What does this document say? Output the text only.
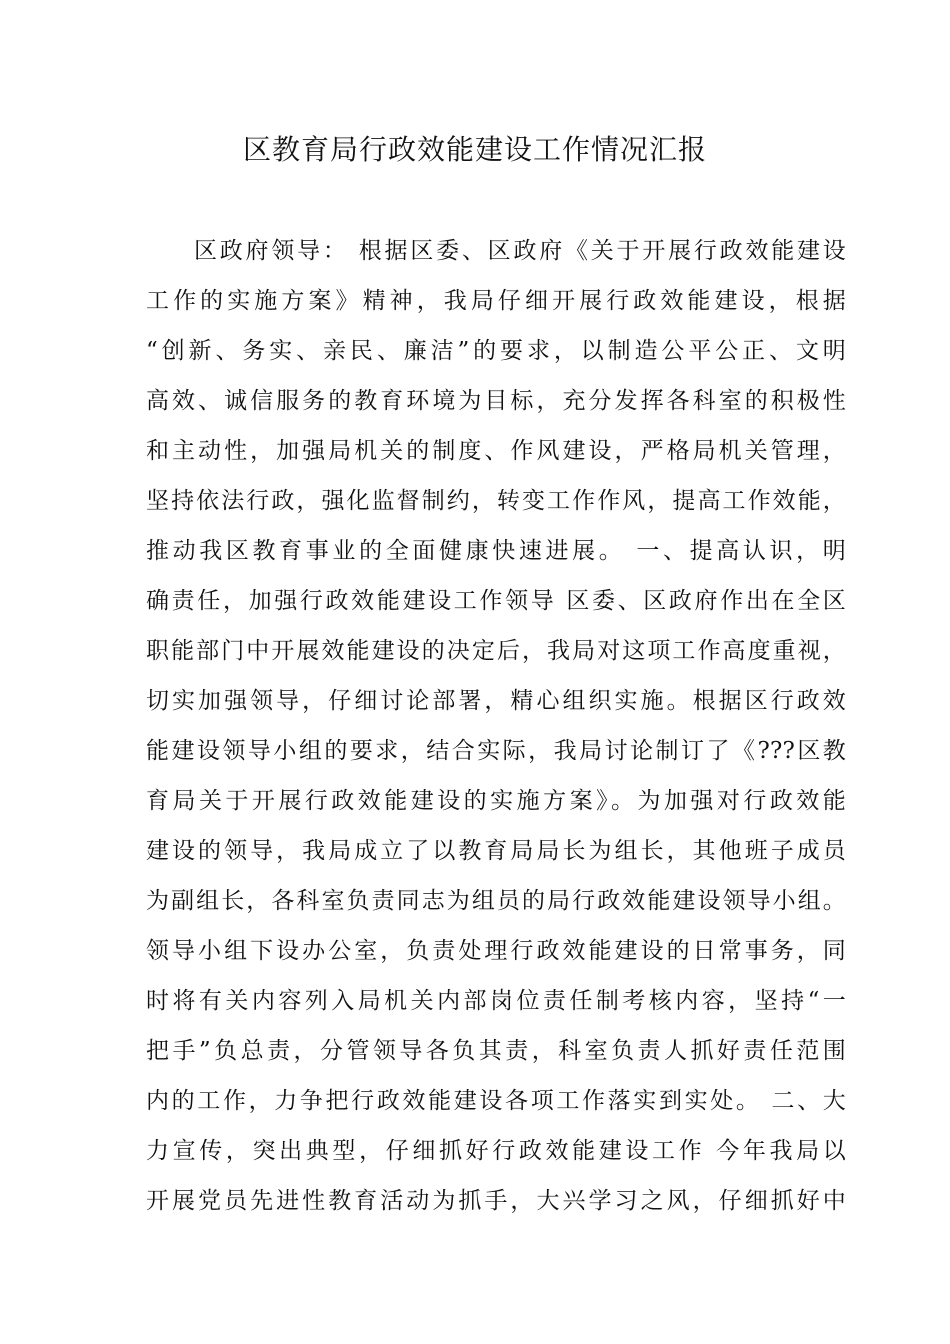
区教育局行政效能建设工作情况汇报
区政府领导： 根据区委、区政府《关于开展行政效能建设
工作的实施方案》精神，我局仔细开展行政效能建设，根据
“创新、务实、亲民、廉洁”的要求，以制造公平公正、文明
高效、诚信服务的教育环境为目标，充分发挥各科室的积极性
和主动性，加强局机关的制度、作风建设，严格局机关管理，
坚持依法行政，强化监督制约，转变工作作风，提高工作效能，
推动我区教育事业的全面健康快速进展。 一、提高认识，明
确责任，加强行政效能建设工作领导 区委、区政府作出在全区
职能部门中开展效能建设的决定后，我局对这项工作高度重视，
切实加强领导，仔细讨论部署，精心组织实施。根据区行政效
能建设领导小组的要求，结合实际，我局讨论制订了《???区教
育局关于开展行政效能建设的实施方案》。为加强对行政效能
建设的领导，我局成立了以教育局局长为组长，其他班子成员
为副组长，各科室负责同志为组员的局行政效能建设领导小组。
领导小组下设办公室，负责处理行政效能建设的日常事务，同
时将有关内容列入局机关内部岗位责任制考核内容，坚持“一
把手”负总责，分管领导各负其责，科室负责人抓好责任范围
内的工作，力争把行政效能建设各项工作落实到实处。 二、大
力宣传，突出典型，仔细抓好行政效能建设工作 今年我局以
开展党员先进性教育活动为抓手，大兴学习之风，仔细抓好中
